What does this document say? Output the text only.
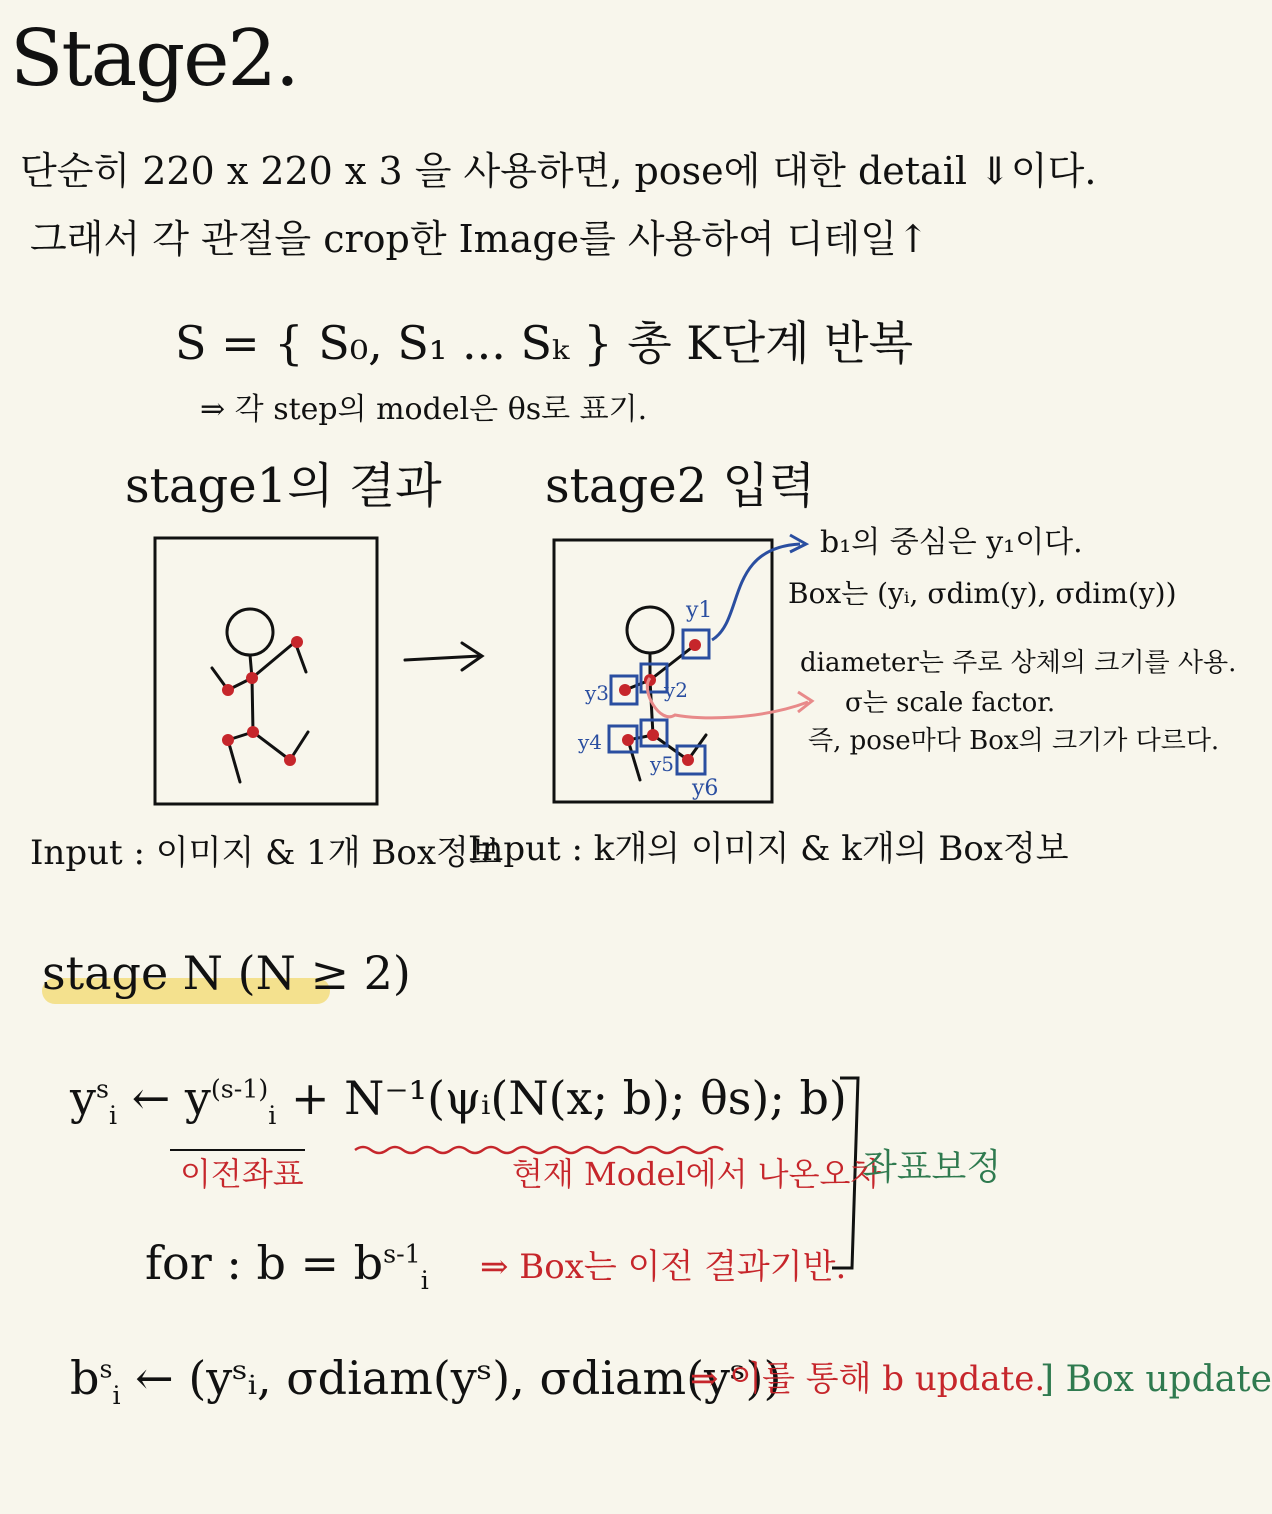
Stage2.
단순히 220 x 220 x 3 을 사용하면, pose에 대한 detail ⇓이다.
그래서 각 관절을 crop한 Image를 사용하여 디테일↑
S = { S₀, S₁ ... Sₖ } 총 K단계 반복
⇒ 각 step의 model은 θs로 표기.
stage1의 결과 stage2 입력
y1
y2
y3
y4
y5
y6
b₁의 중심은 y₁이다.
Box는 (yᵢ, σdim(y), σdim(y))
diameter는 주로 상체의 크기를 사용.
σ는 scale factor.
즉, pose마다 Box의 크기가 다르다.
Input : 이미지 & 1개 Box정보
Input : k개의 이미지 & k개의 Box정보
stage N (N ≥ 2)
$y^s_i$ ← $y^{(s-1)}_i$ + N⁻¹(ψᵢ(N(x; b); θs); b)
이전좌표	현재 Model에서 나온오차
좌표보정
for : $b = b^{s-1}_i$ ⇒ Box는 이전 결과기반.
$b^s_i$ ← (yˢᵢ, σdiam(yˢ), σdiam(yˢ))
⇒ 이를 통해 b update.
] Box update
